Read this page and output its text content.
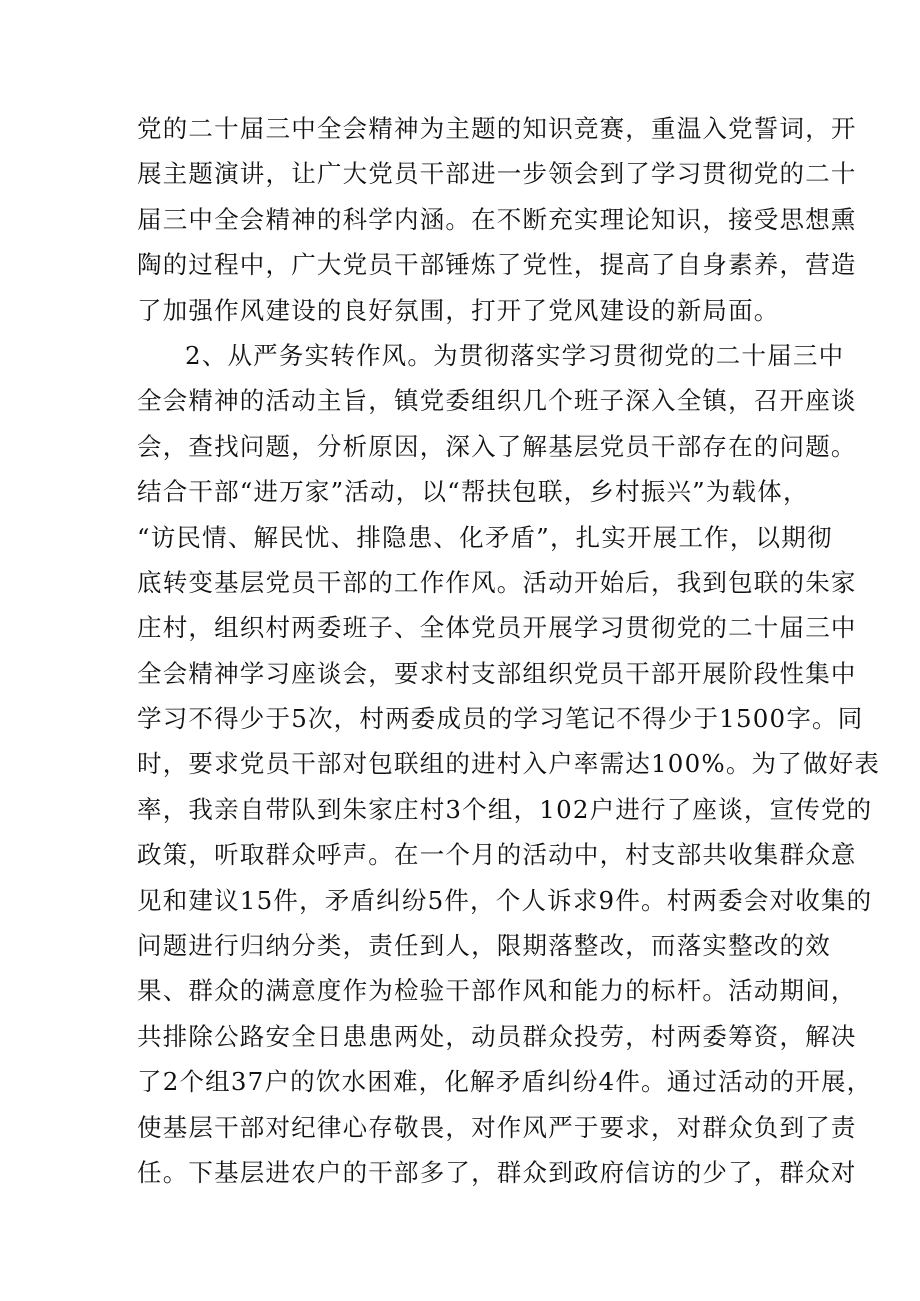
党的二十届三中全会精神为主题的知识竞赛，重温入党誓词，开
展主题演讲，让广大党员干部进一步领会到了学习贯彻党的二十
届三中全会精神的科学内涵。在不断充实理论知识，接受思想熏
陶的过程中，广大党员干部锤炼了党性，提高了自身素养，营造
了加强作风建设的良好氛围，打开了党风建设的新局面。
2、从严务实转作风。为贯彻落实学习贯彻党的二十届三中
全会精神的活动主旨，镇党委组织几个班子深入全镇，召开座谈
会，查找问题，分析原因，深入了解基层党员干部存在的问题。
结合干部“进万家”活动，以“帮扶包联，乡村振兴”为载体，
“访民情、解民忧、排隐患、化矛盾”，扎实开展工作，以期彻
底转变基层党员干部的工作作风。活动开始后，我到包联的朱家
庄村，组织村两委班子、全体党员开展学习贯彻党的二十届三中
全会精神学习座谈会，要求村支部组织党员干部开展阶段性集中
学习不得少于5次，村两委成员的学习笔记不得少于1500字。同
时，要求党员干部对包联组的进村入户率需达100%。为了做好表
率，我亲自带队到朱家庄村3个组，102户进行了座谈，宣传党的
政策，听取群众呼声。在一个月的活动中，村支部共收集群众意
见和建议15件，矛盾纠纷5件，个人诉求9件。村两委会对收集的
问题进行归纳分类，责任到人，限期落整改，而落实整改的效
果、群众的满意度作为检验干部作风和能力的标杆。活动期间，
共排除公路安全日患患两处，动员群众投劳，村两委筹资，解决
了2个组37户的饮水困难，化解矛盾纠纷4件。通过活动的开展，
使基层干部对纪律心存敬畏，对作风严于要求，对群众负到了责
任。下基层进农户的干部多了，群众到政府信访的少了，群众对
